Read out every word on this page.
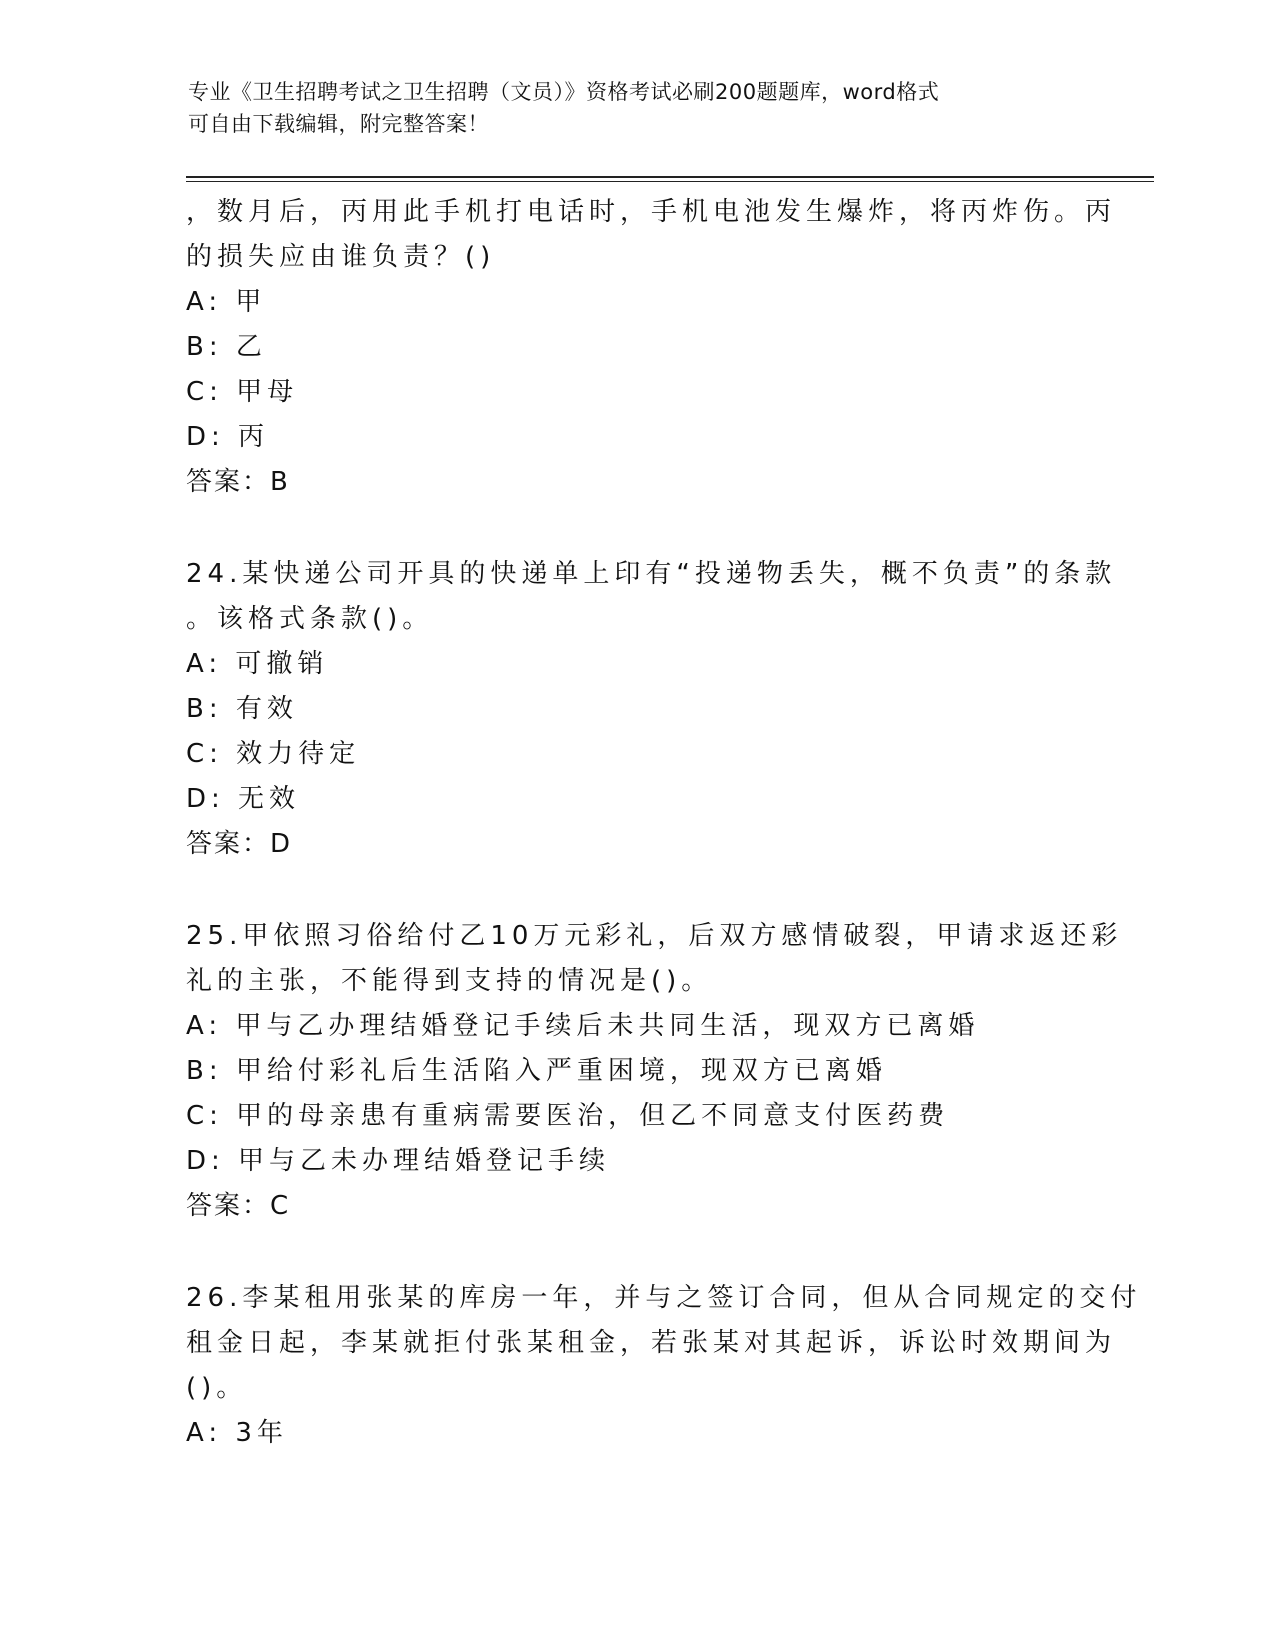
专业《卫生招聘考试之卫生招聘（文员）》资格考试必刷200题题库，word格式
可自由下载编辑，附完整答案！
，数月后，丙用此手机打电话时，手机电池发生爆炸，将丙炸伤。丙
的损失应由谁负责？()
A: 甲
B: 乙
C: 甲母
D: 丙
答案：B
24.某快递公司开具的快递单上印有“投递物丢失，概不负责”的条款
。该格式条款()。
A: 可撤销
B: 有效
C: 效力待定
D: 无效
答案：D
25.甲依照习俗给付乙10万元彩礼，后双方感情破裂，甲请求返还彩
礼的主张，不能得到支持的情况是()。
A: 甲与乙办理结婚登记手续后未共同生活，现双方已离婚
B: 甲给付彩礼后生活陷入严重困境，现双方已离婚
C: 甲的母亲患有重病需要医治，但乙不同意支付医药费
D: 甲与乙未办理结婚登记手续
答案：C
26.李某租用张某的库房一年，并与之签订合同，但从合同规定的交付
租金日起，李某就拒付张某租金，若张某对其起诉，诉讼时效期间为
()。
A: 3年
